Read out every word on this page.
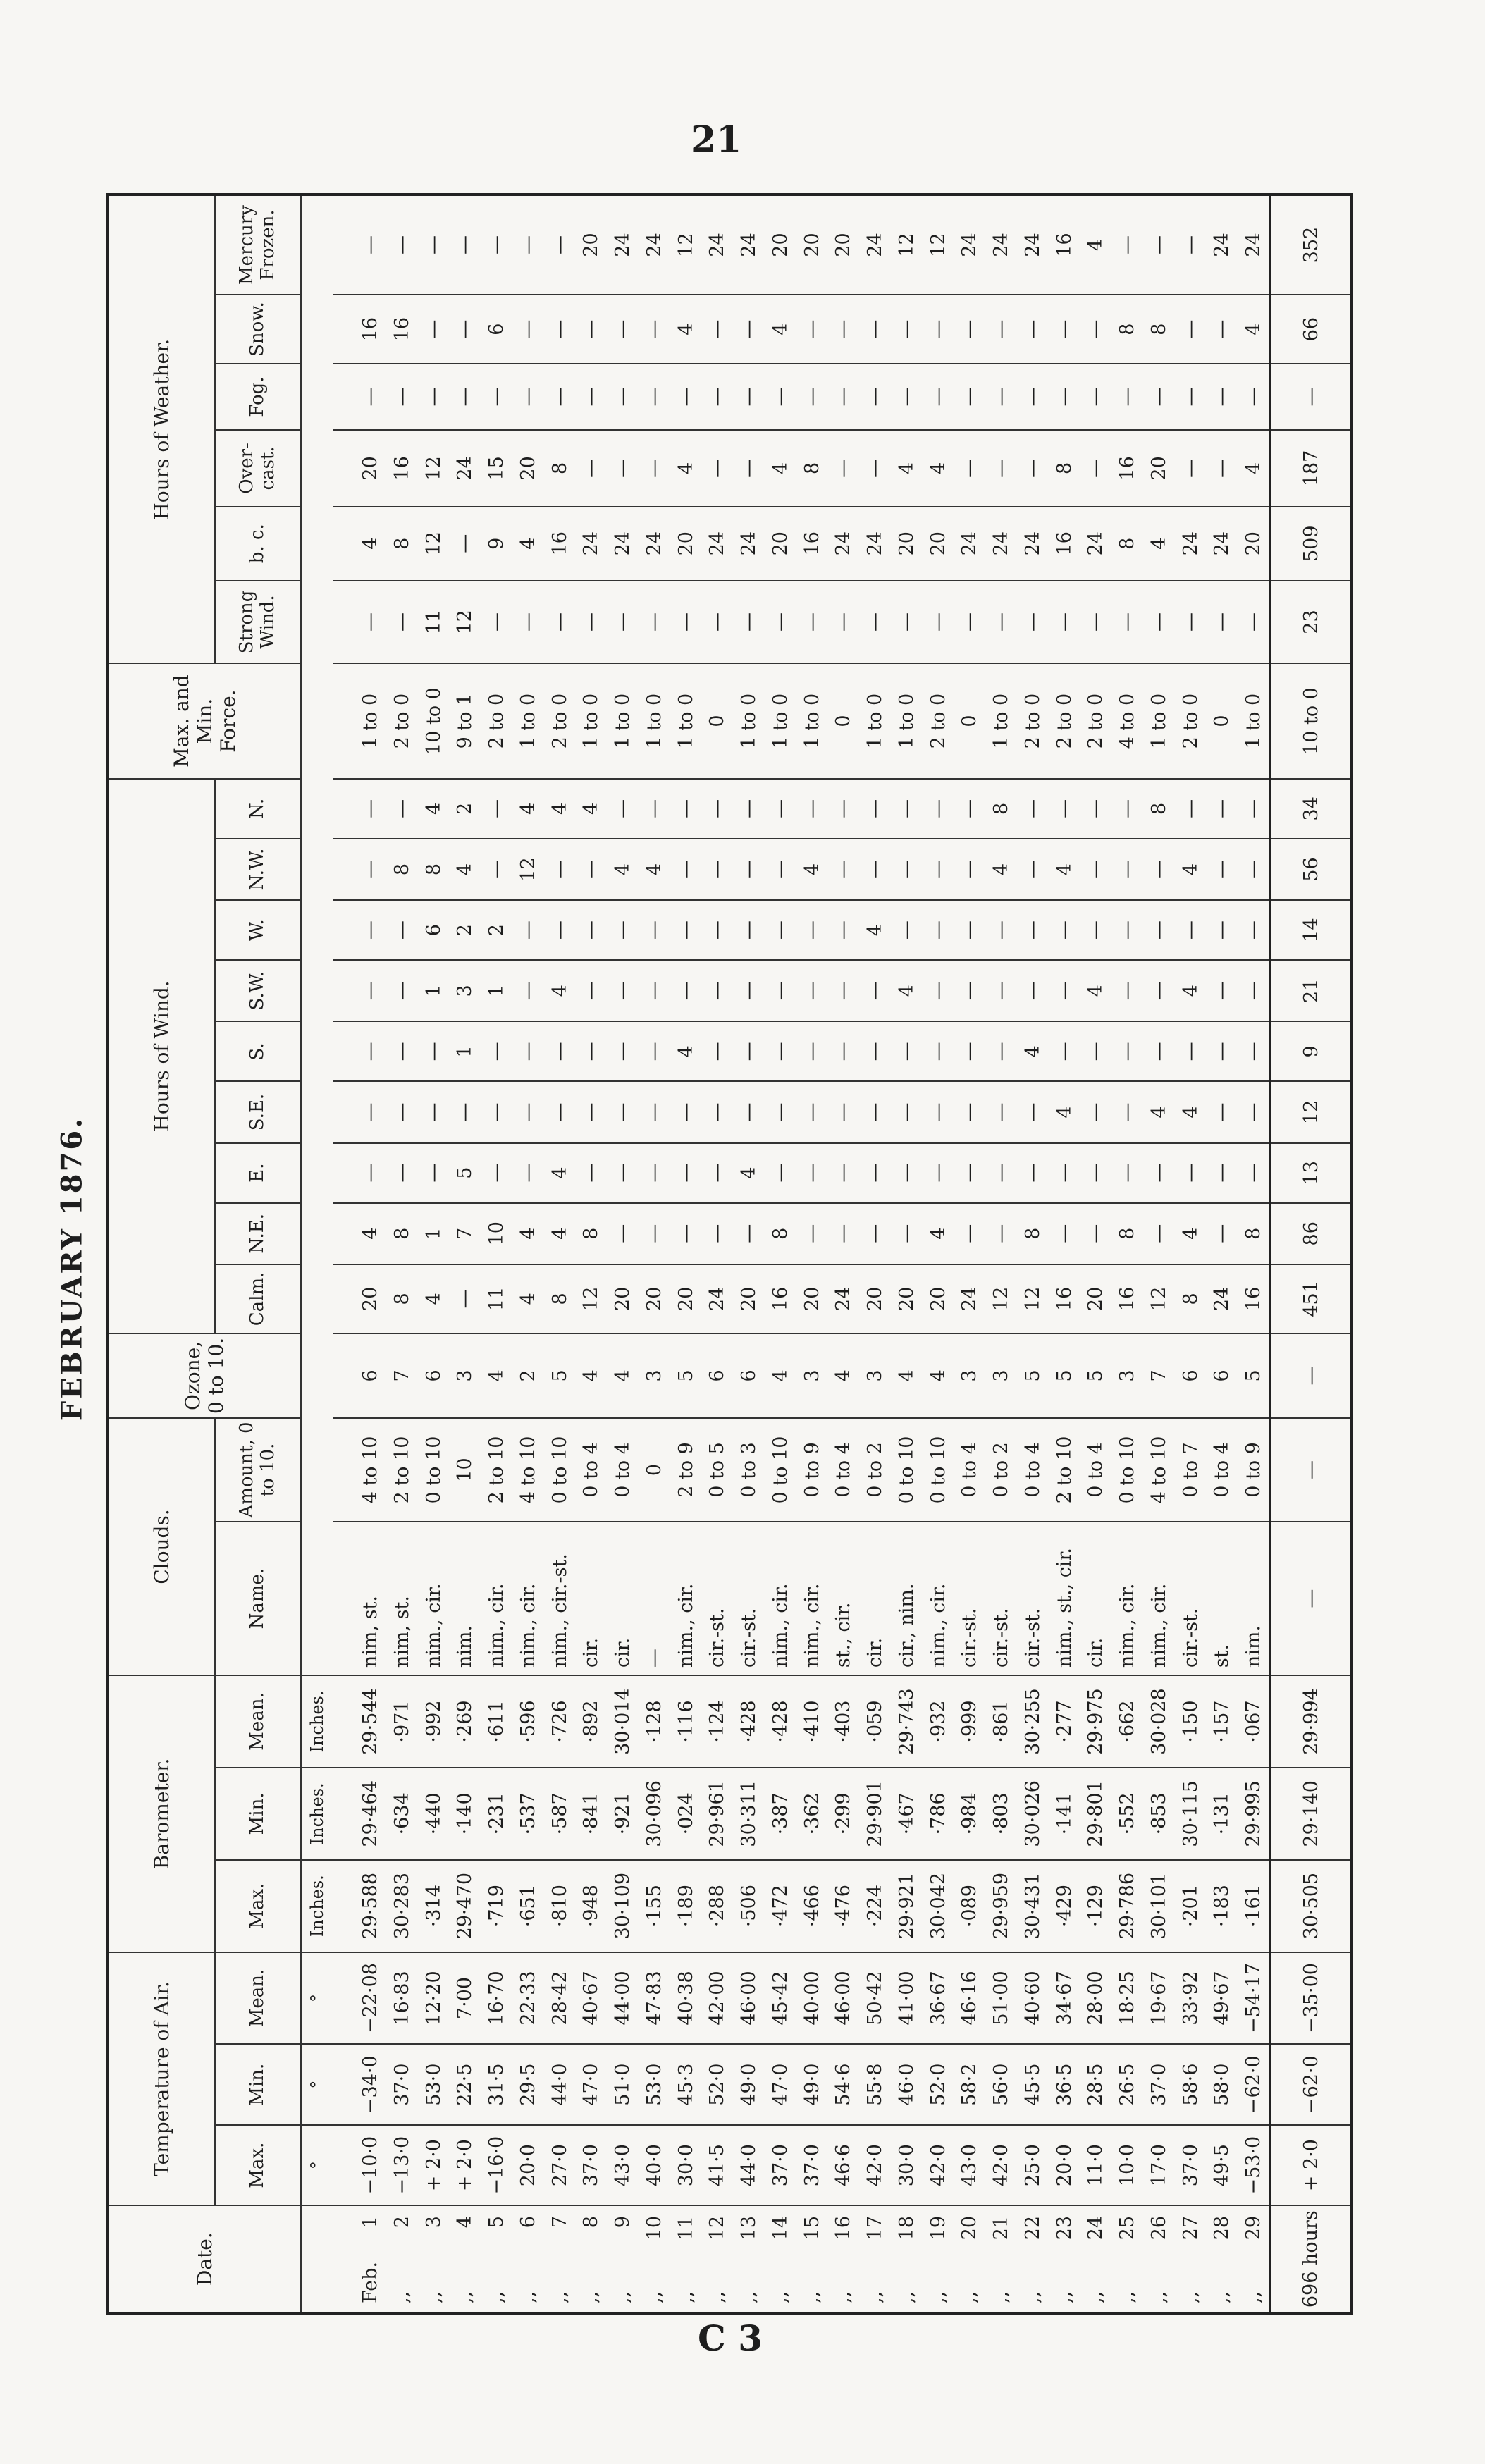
21
FEBRUARY 1876.
Date.	Temperature of Air.			Barometer.			Clouds.		Ozone, 0 to 10.	Hours of Wind.									Max. and Min. Force.	Hours of Weather.					
	Max.	Min.	Mean.	Max.	Min.	Mean.	Name.	Amount, 0 to 10.		Calm.	N.E.	E.	S.E.	S.	S.W.	W.	N.W.	N.		Strong Wind.	b. c.	Over-cast.	Fog.	Snow.	Mercury Frozen.
	°	°	°	Inches.	Inches.	Inches.																			
Feb.1	−10·0	−34·0	−22·08	29·588	29·464	29·544	nim, st.	4 to 10	6	20	4	—	—	—	—	—	—	—	1 to 0	—	4	20	—	16	—
,,2	−13·0	37·0	16·83	30·283	·634	·971	nim, st.	2 to 10	7	8	8	—	—	—	—	—	8	—	2 to 0	—	8	16	—	16	—
,,3	+ 2·0	53·0	12·20	·314	·440	·992	nim., cir.	0 to 10	6	4	1	—	—	—	1	6	8	4	10 to 0	11	12	12	—	—	—
,,4	+ 2·0	22·5	7·00	29·470	·140	·269	nim.	10	3	—	7	5	—	1	3	2	4	2	9 to 1	12	—	24	—	—	—
,,5	−16·0	31·5	16·70	·719	·231	·611	nim., cir.	2 to 10	4	11	10	—	—	—	1	2	—	—	2 to 0	—	9	15	—	6	—
,,6	20·0	29·5	22·33	·651	·537	·596	nim., cir.	4 to 10	2	4	4	—	—	—	—	—	12	4	1 to 0	—	4	20	—	—	—
,,7	27·0	44·0	28·42	·810	·587	·726	nim., cir.-st.	0 to 10	5	8	4	4	—	—	4	—	—	4	2 to 0	—	16	8	—	—	—
,,8	37·0	47·0	40·67	·948	·841	·892	cir.	0 to 4	4	12	8	—	—	—	—	—	—	4	1 to 0	—	24	—	—	—	20
,,9	43·0	51·0	44·00	30·109	·921	30·014	cir.	0 to 4	4	20	—	—	—	—	—	—	4	—	1 to 0	—	24	—	—	—	24
,,10	40·0	53·0	47·83	·155	30·096	·128	—	0	3	20	—	—	—	—	—	—	4	—	1 to 0	—	24	—	—	—	24
,,11	30·0	45·3	40·38	·189	·024	·116	nim., cir.	2 to 9	5	20	—	—	—	4	—	—	—	—	1 to 0	—	20	4	—	4	12
,,12	41·5	52·0	42·00	·288	29·961	·124	cir.-st.	0 to 5	6	24	—	—	—	—	—	—	—	—	0	—	24	—	—	—	24
,,13	44·0	49·0	46·00	·506	30·311	·428	cir.-st.	0 to 3	6	20	—	4	—	—	—	—	—	—	1 to 0	—	24	—	—	—	24
,,14	37·0	47·0	45·42	·472	·387	·428	nim., cir.	0 to 10	4	16	8	—	—	—	—	—	—	—	1 to 0	—	20	4	—	4	20
,,15	37·0	49·0	40·00	·466	·362	·410	nim., cir.	0 to 9	3	20	—	—	—	—	—	—	4	—	1 to 0	—	16	8	—	—	20
,,16	46·6	54·6	46·00	·476	·299	·403	st., cir.	0 to 4	4	24	—	—	—	—	—	—	—	—	0	—	24	—	—	—	20
,,17	42·0	55·8	50·42	·224	29·901	·059	cir.	0 to 2	3	20	—	—	—	—	—	4	—	—	1 to 0	—	24	—	—	—	24
,,18	30·0	46·0	41·00	29·921	·467	29·743	cir., nim.	0 to 10	4	20	—	—	—	—	4	—	—	—	1 to 0	—	20	4	—	—	12
,,19	42·0	52·0	36·67	30·042	·786	·932	nim., cir.	0 to 10	4	20	4	—	—	—	—	—	—	—	2 to 0	—	20	4	—	—	12
,,20	43·0	58·2	46·16	·089	·984	·999	cir.-st.	0 to 4	3	24	—	—	—	—	—	—	—	—	0	—	24	—	—	—	24
,,21	42·0	56·0	51·00	29·959	·803	·861	cir.-st.	0 to 2	3	12	—	—	—	—	—	—	4	8	1 to 0	—	24	—	—	—	24
,,22	25·0	45·5	40·60	30·431	30·026	30·255	cir.-st.	0 to 4	5	12	8	—	—	4	—	—	—	—	2 to 0	—	24	—	—	—	24
,,23	20·0	36·5	34·67	·429	·141	·277	nim., st., cir.	2 to 10	5	16	—	—	4	—	—	—	4	—	2 to 0	—	16	8	—	—	16
,,24	11·0	28·5	28·00	·129	29·801	29·975	cir.	0 to 4	5	20	—	—	—	—	4	—	—	—	2 to 0	—	24	—	—	—	4
,,25	10·0	26·5	18·25	29·786	·552	·662	nim., cir.	0 to 10	3	16	8	—	—	—	—	—	—	—	4 to 0	—	8	16	—	8	—
,,26	17·0	37·0	19·67	30·101	·853	30·028	nim., cir.	4 to 10	7	12	—	—	4	—	—	—	—	8	1 to 0	—	4	20	—	8	—
,,27	37·0	58·6	33·92	·201	30·115	·150	cir.-st.	0 to 7	6	8	4	—	4	—	4	—	4	—	2 to 0	—	24	—	—	—	—
,,28	49·5	58·0	49·67	·183	·131	·157	st.	0 to 4	6	24	—	—	—	—	—	—	—	—	0	—	24	—	—	—	24
,,29	−53·0	−62·0	−54·17	·161	29·995	·067	nim.	0 to 9	5	16	8	—	—	—	—	—	—	—	1 to 0	—	20	4	—	4	24
696 hours	+ 2·0	−62·0	−35·00	30·505	29·140	29·994	—	—	—	451	86	13	12	9	21	14	56	34	10 to 0	23	509	187	—	66	352
C 3
